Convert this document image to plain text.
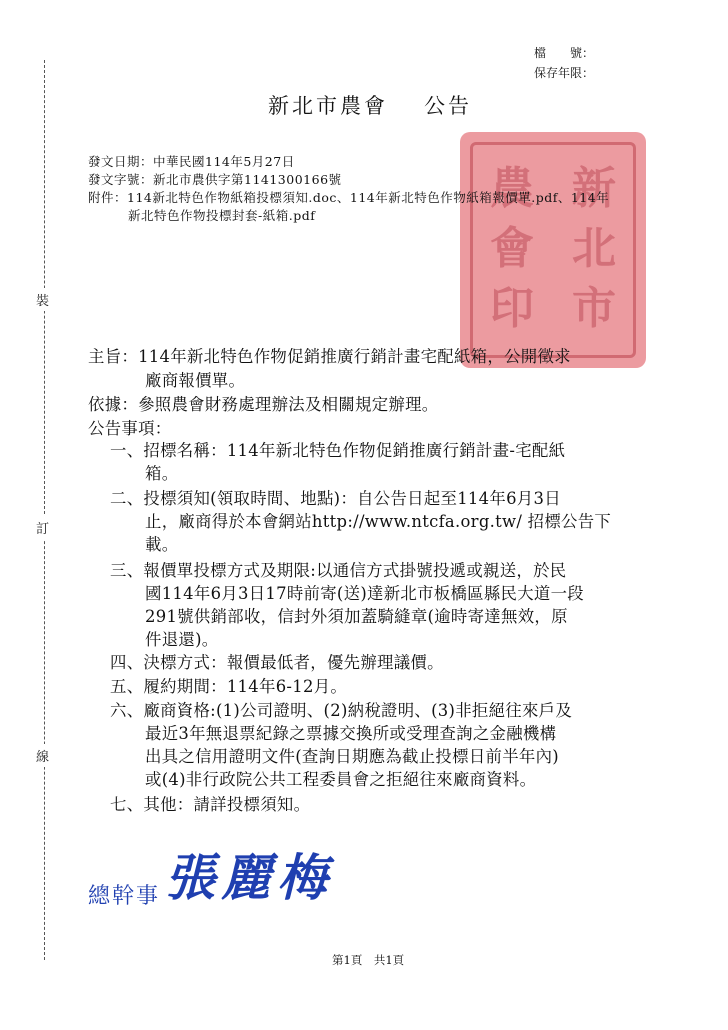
裝
訂
線
檔　　號：
保存年限：
新北市農會 公告
新
北
市
農
會
印
發文日期：中華民國114年5月27日
發文字號：新北市農供字第1141300166號
附件：114新北特色作物紙箱投標須知.doc、114年新北特色作物紙箱報價單.pdf、114年
新北特色作物投標封套-紙箱.pdf
主旨：114年新北特色作物促銷推廣行銷計畫宅配紙箱，公開徵求
廠商報價單。
依據：參照農會財務處理辦法及相關規定辦理。
公告事項：
一、招標名稱：114年新北特色作物促銷推廣行銷計畫-宅配紙
箱。
二、投標須知(領取時間、地點)：自公告日起至114年6月3日
止，廠商得於本會網站http://www.ntcfa.org.tw/ 招標公告下
載。
三、報價單投標方式及期限:以通信方式掛號投遞或親送，於民
國114年6月3日17時前寄(送)達新北市板橋區縣民大道一段
291號供銷部收，信封外須加蓋騎縫章(逾時寄達無效，原
件退還)。
四、決標方式：報價最低者，優先辦理議價。
五、履約期間：114年6-12月。
六、廠商資格:(1)公司證明、(2)納稅證明、(3)非拒絕往來戶及
最近3年無退票紀錄之票據交換所或受理查詢之金融機構
出具之信用證明文件(查詢日期應為截止投標日前半年內)
或(4)非行政院公共工程委員會之拒絕往來廠商資料。
七、其他：請詳投標須知。
總幹事 張麗梅
第1頁　共1頁
